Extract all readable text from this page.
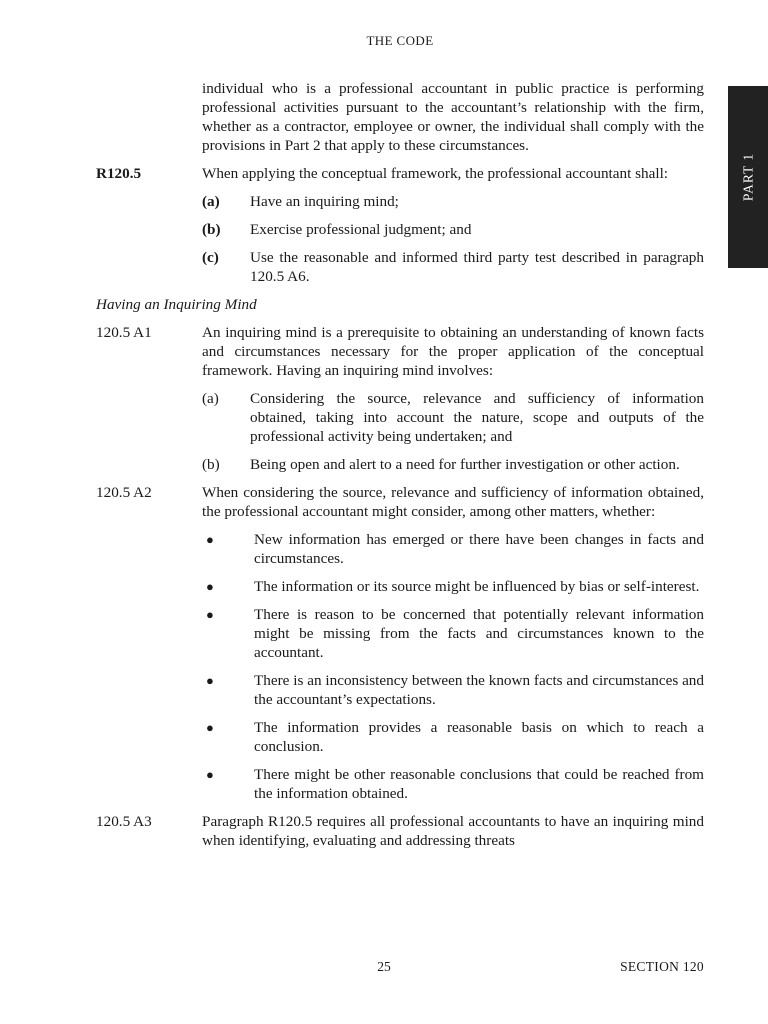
THE CODE
PART 1
individual who is a professional accountant in public practice is performing professional activities pursuant to the accountant’s relationship with the firm, whether as a contractor, employee or owner, the individual shall comply with the provisions in Part 2 that apply to these circumstances.
R120.5	When applying the conceptual framework, the professional accountant shall:
(a) Have an inquiring mind;
(b) Exercise professional judgment; and
(c) Use the reasonable and informed third party test described in paragraph 120.5 A6.
Having an Inquiring Mind
120.5 A1	An inquiring mind is a prerequisite to obtaining an understanding of known facts and circumstances necessary for the proper application of the conceptual framework. Having an inquiring mind involves:
(a) Considering the source, relevance and sufficiency of information obtained, taking into account the nature, scope and outputs of the professional activity being undertaken; and
(b) Being open and alert to a need for further investigation or other action.
120.5 A2	When considering the source, relevance and sufficiency of information obtained, the professional accountant might consider, among other matters, whether:
●	New information has emerged or there have been changes in facts and circumstances.
●	The information or its source might be influenced by bias or self-interest.
●	There is reason to be concerned that potentially relevant information might be missing from the facts and circumstances known to the accountant.
●	There is an inconsistency between the known facts and circumstances and the accountant’s expectations.
●	The information provides a reasonable basis on which to reach a conclusion.
●	There might be other reasonable conclusions that could be reached from the information obtained.
120.5 A3	Paragraph R120.5 requires all professional accountants to have an inquiring mind when identifying, evaluating and addressing threats
25	SECTION 120
